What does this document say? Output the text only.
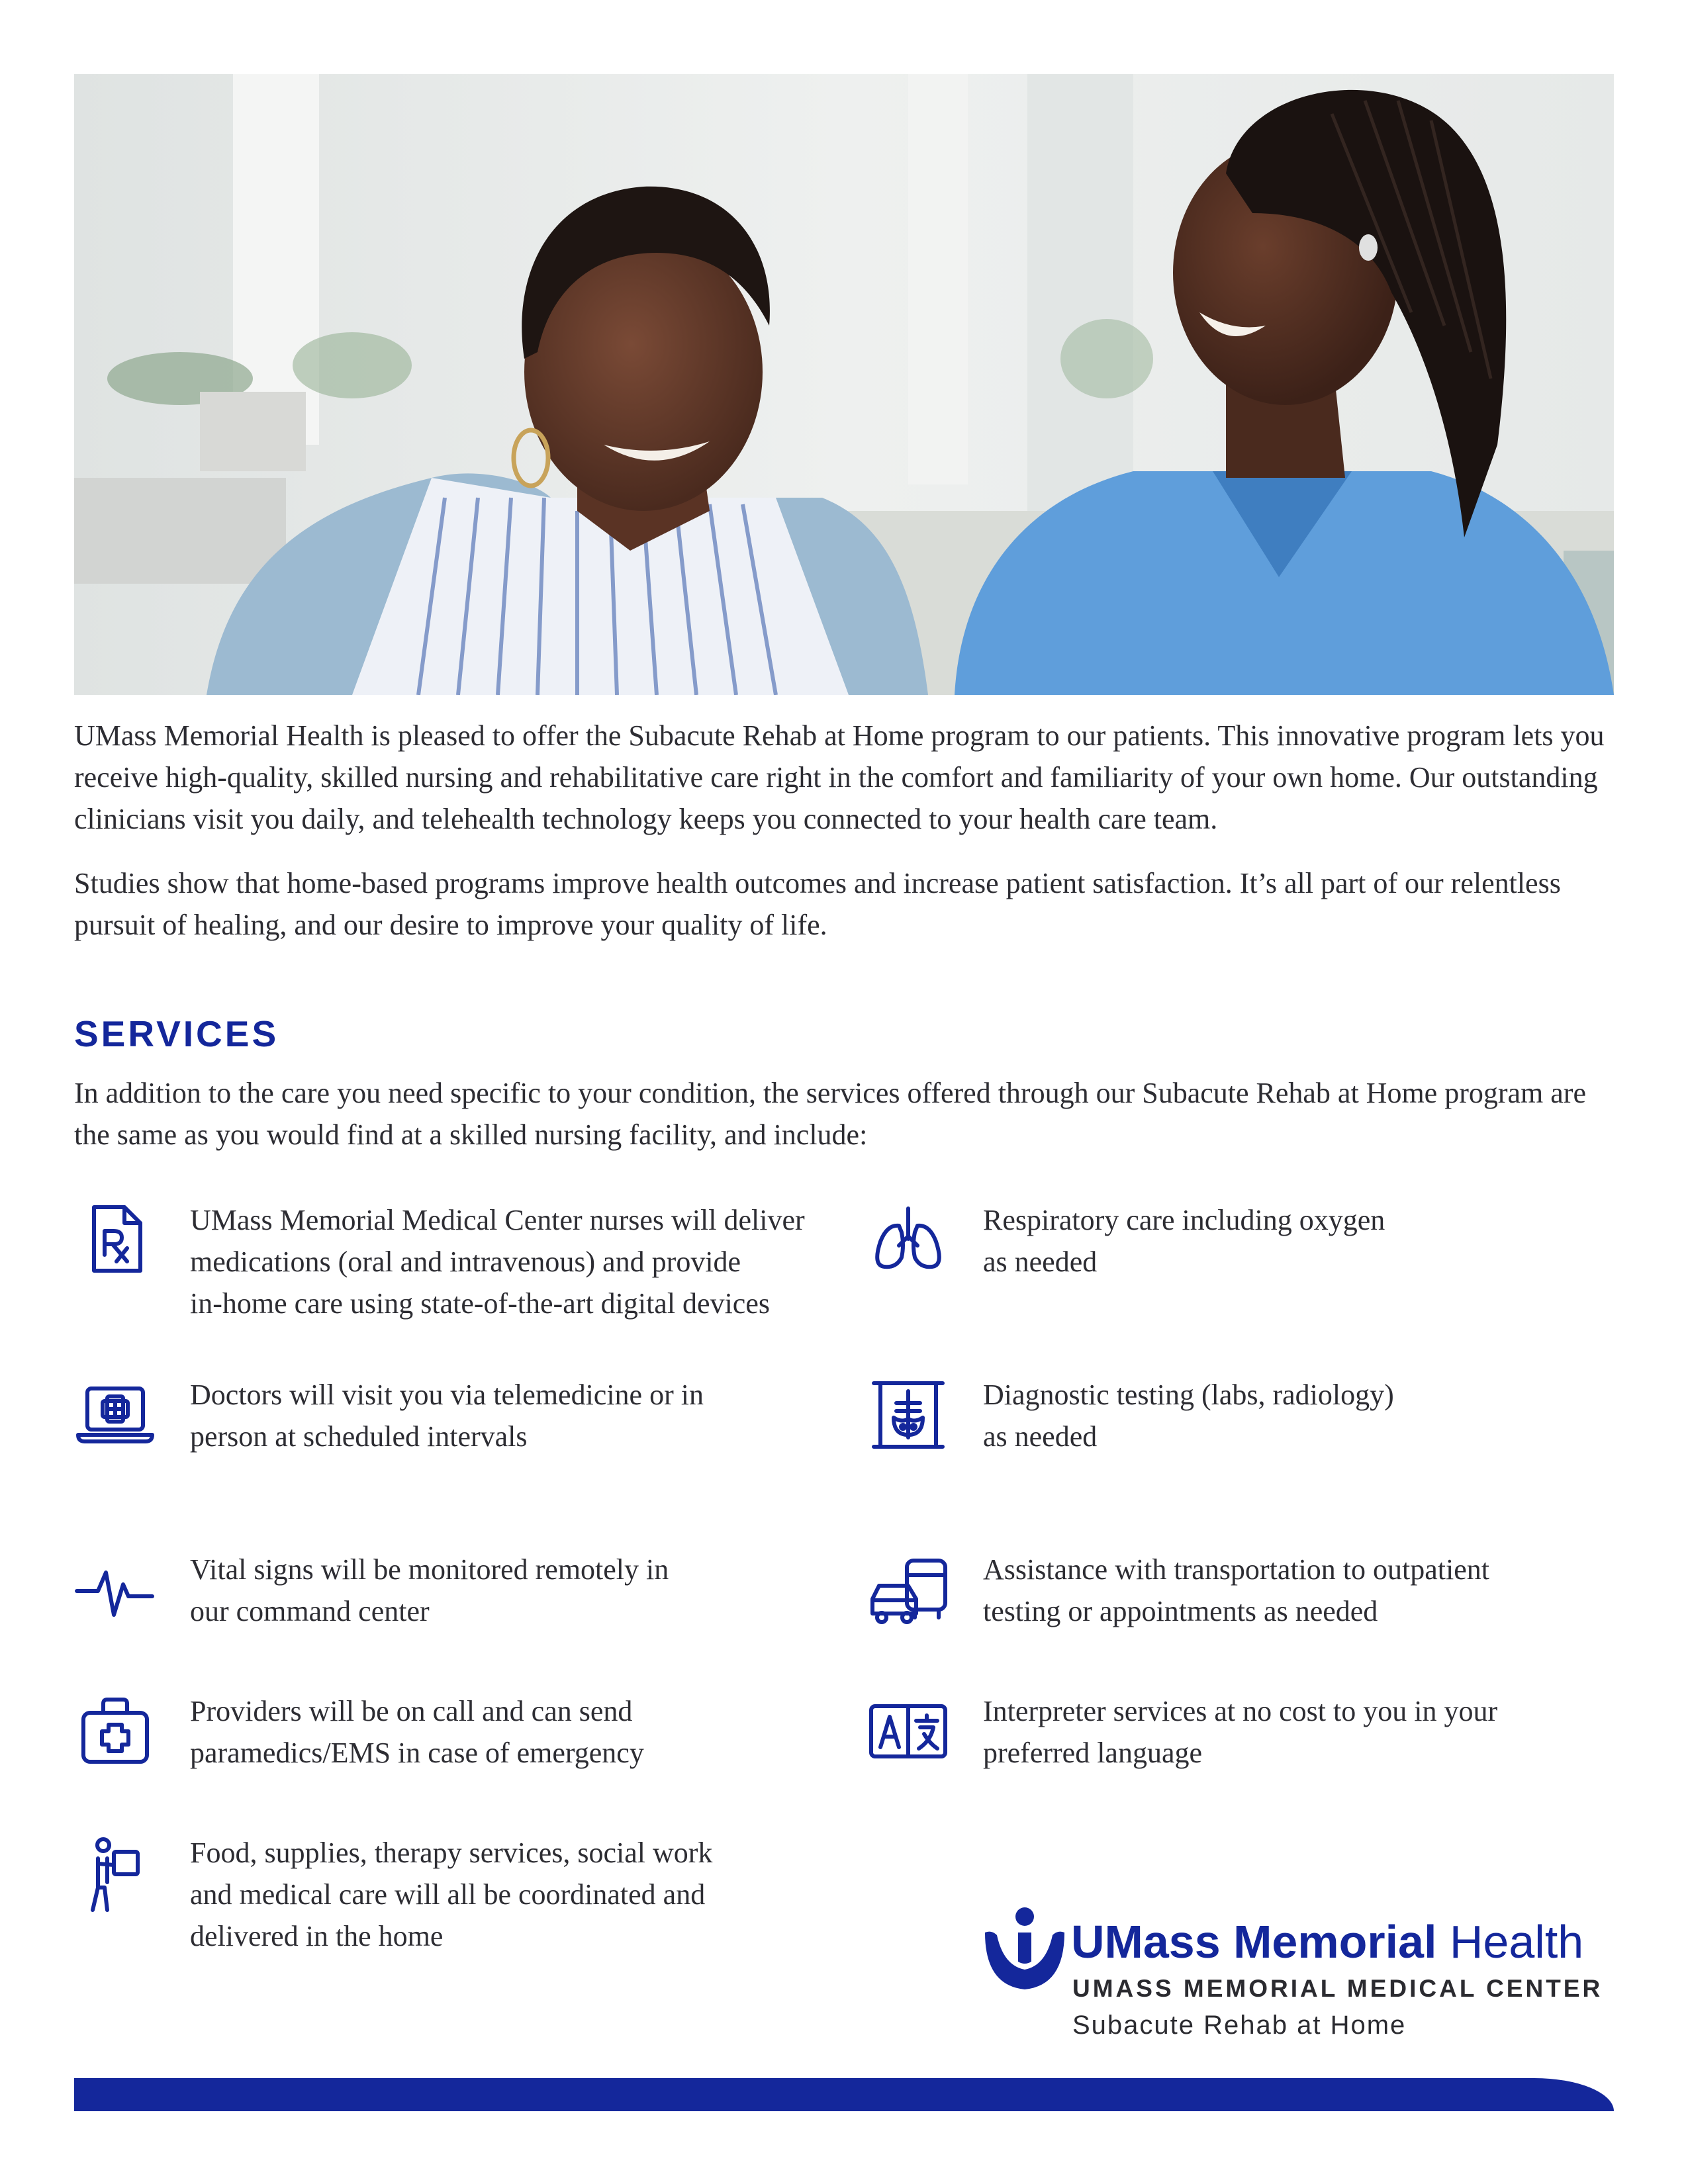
UMass Memorial Health is pleased to offer the Subacute Rehab at Home program to our patients. This innovative program lets you receive high-quality, skilled nursing and rehabilitative care right in the comfort and familiarity of your own home. Our outstanding clinicians visit you daily, and telehealth technology keeps you connected to your health care team.

Studies show that home-based programs improve health outcomes and increase patient satisfaction. It’s all part of our relentless pursuit of healing, and our desire to improve your quality of life.

SERVICES

In addition to the care you need specific to your condition, the services offered through our Subacute Rehab at Home program are the same as you would find at a skilled nursing facility, and include:

UMass Memorial Medical Center nurses will deliver
medications (oral and intravenous) and provide
in-home care using state-of-the-art digital devices
Respiratory care including oxygen
as needed
Doctors will visit you via telemedicine or in
person at scheduled intervals
Diagnostic testing (labs, radiology)
as needed
Vital signs will be monitored remotely in
our command center
Assistance with transportation to outpatient
testing or appointments as needed
Providers will be on call and can send
paramedics/EMS in case of emergency
Interpreter services at no cost to you in your
preferred language
Food, supplies, therapy services, social work
and medical care will all be coordinated and
delivered in the home	UMass Memorial Health
UMASS MEMORIAL MEDICAL CENTER
Subacute Rehab at Home
